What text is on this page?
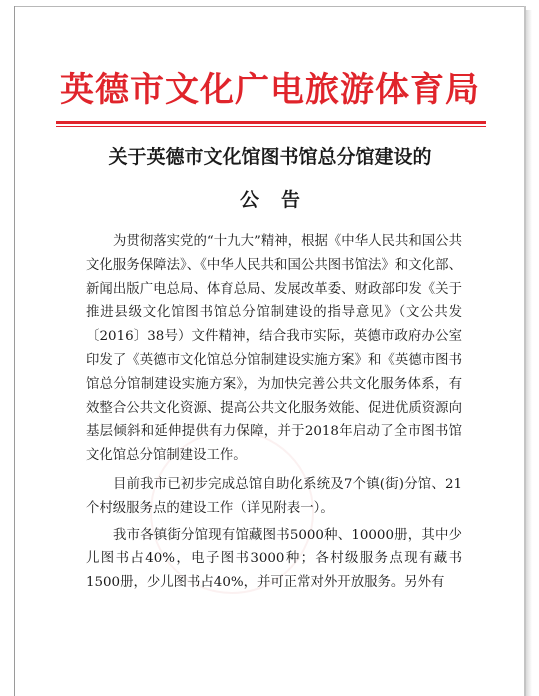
英德市文化广电旅游体育局
关于英德市文化馆图书馆总分馆建设的
公告

为贯彻落实党的“十九大”精神，根据《中华人民共和国公共文化服务保障法》、《中华人民共和国公共图书馆法》和文化部、新闻出版广电总局、体育总局、发展改革委、财政部印发《关于推进县级文化馆图书馆总分馆制建设的指导意见》（文公共发〔2016〕38号）文件精神，结合我市实际，英德市政府办公室印发了《英德市文化馆总分馆制建设实施方案》和《英德市图书馆总分馆制建设实施方案》，为加快完善公共文化服务体系，有效整合公共文化资源、提高公共文化服务效能、促进优质资源向基层倾斜和延伸提供有力保障，并于2018年启动了全市图书馆文化馆总分馆制建设工作。

目前我市已初步完成总馆自助化系统及7个镇(街)分馆、21个村级服务点的建设工作（详见附表一）。

我市各镇街分馆现有馆藏图书5000种、10000册，其中少儿图书占40%，电子图书3000种；各村级服务点现有藏书1500册，少儿图书占40%，并可正常对外开放服务。另外有
